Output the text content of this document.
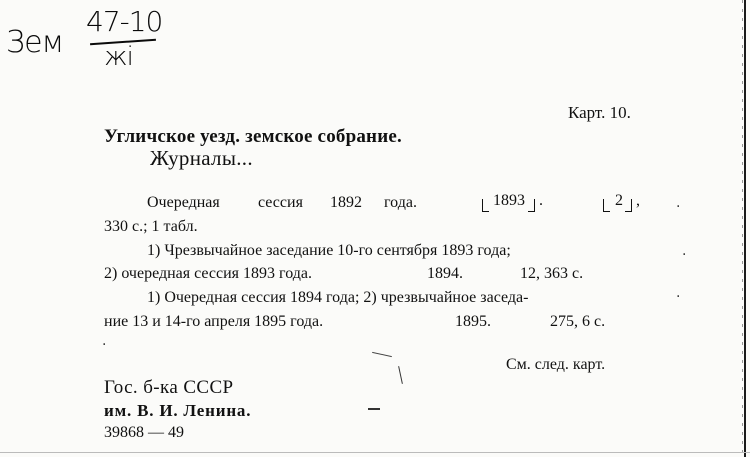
47-10
Зем жі
Карт. 10.
Угличское уезд. земское собрание.
Журналы...
Очередная сессия 1892 года.	1893 .	2 ,
330 с.; 1 табл.
1) Чрезвычайное заседание 10-го сентября 1893 года;
2) очередная сессия 1893 года.	1894.	12, 363 с.
1) Очередная сессия 1894 года; 2) чрезвычайное заседа-
ние 13 и 14-го апреля 1895 года.	1895.	275, 6 с.
См. след. карт.
·
·
·
·
Гос. б-ка СССР
им. В. И. Ленина.
39868 — 49
